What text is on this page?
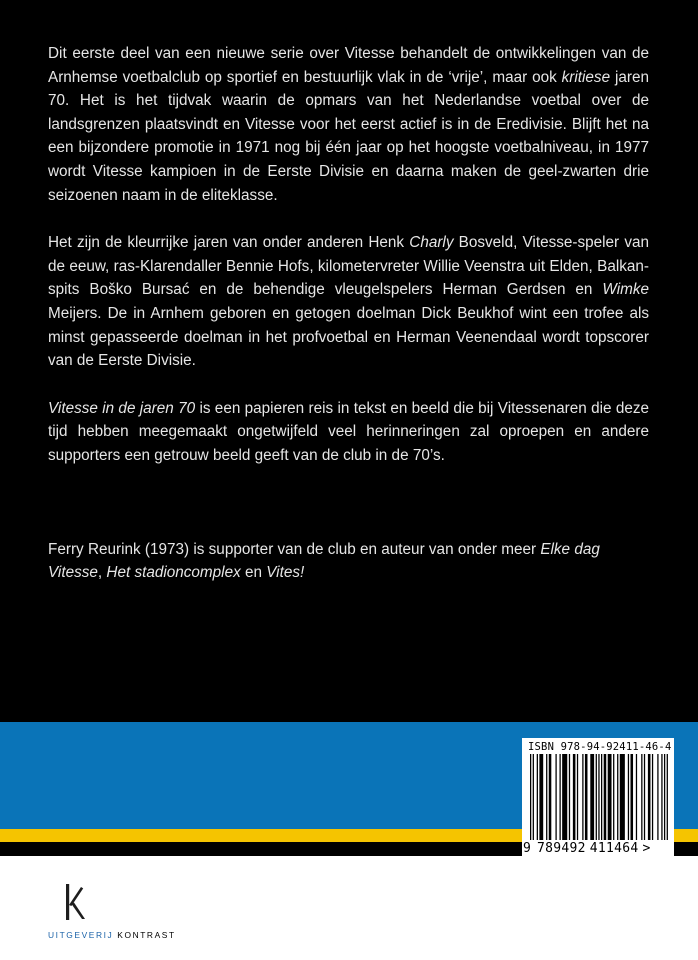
Dit eerste deel van een nieuwe serie over Vitesse behandelt de ontwikkelingen van de Arnhemse voetbalclub op sportief en bestuurlijk vlak in de ‘vrije’, maar ook kritiese jaren 70. Het is het tijdvak waarin de opmars van het Nederlandse voetbal over de landsgrenzen plaatsvindt en Vitesse voor het eerst actief is in de Eredivisie. Blijft het na een bijzondere promotie in 1971 nog bij één jaar op het hoogste voetbalniveau, in 1977 wordt Vitesse kampioen in de Eerste Divisie en daarna maken de geel-zwarten drie seizoenen naam in de eliteklasse.

Het zijn de kleurrijke jaren van onder anderen Henk Charly Bosveld, Vitesse-speler van de eeuw, ras-Klarendaller Bennie Hofs, kilometervreter Willie Veenstra uit Elden, Balkan-spits Boško Bursać en de behendige vleugelspelers Herman Gerdsen en Wimke Meijers. De in Arnhem geboren en getogen doelman Dick Beukhof wint een trofee als minst gepasseerde doelman in het profvoetbal en Herman Veenendaal wordt topscorer van de Eerste Divisie.

Vitesse in de jaren 70 is een papieren reis in tekst en beeld die bij Vitessenaren die deze tijd hebben meegemaakt ongetwijfeld veel herinneringen zal oproepen en andere supporters een getrouw beeld geeft van de club in de 70’s.

Ferry Reurink (1973) is supporter van de club en auteur van onder meer Elke dag Vitesse, Het stadioncomplex en Vites!

ISBN 978-94-92411-46-4
9 789492 411464 >
UITGEVERIJ KONTRAST
